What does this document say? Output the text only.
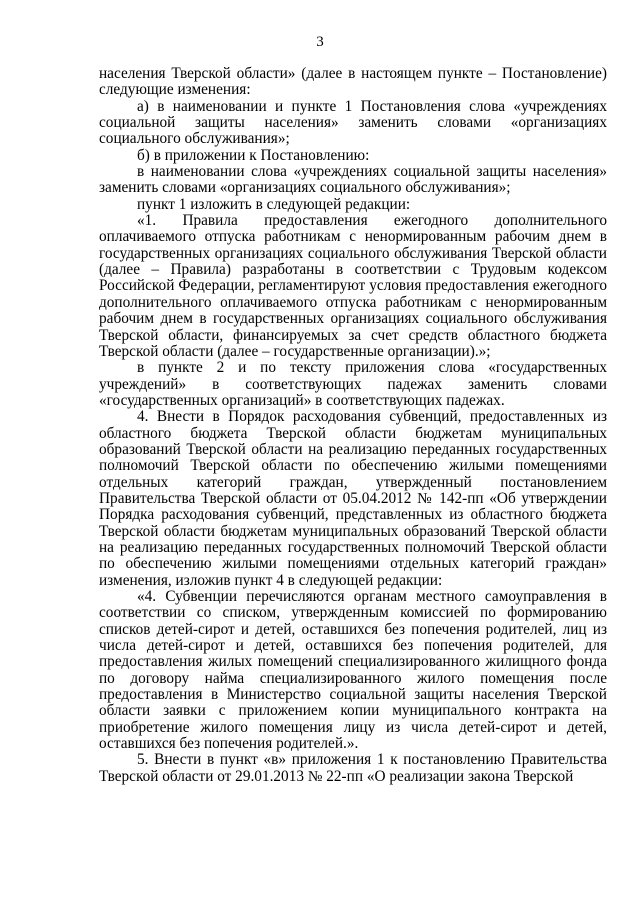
3

населения Тверской области» (далее в настоящем пункте – Постановление) следующие изменения:

а) в наименовании и пункте 1 Постановления слова «учреждениях социальной защиты населения» заменить словами «организациях социального обслуживания»;

б) в приложении к Постановлению:

в наименовании слова «учреждениях социальной защиты населения» заменить словами «организациях социального обслуживания»;

пункт 1 изложить в следующей редакции:

«1. Правила предоставления ежегодного дополнительного оплачиваемого отпуска работникам с ненормированным рабочим днем в государственных организациях социального обслуживания Тверской области (далее – Правила) разработаны в соответствии с Трудовым кодексом Российской Федерации, регламентируют условия предоставления ежегодного дополнительного оплачиваемого отпуска работникам с ненормированным рабочим днем в государственных организациях социального обслуживания Тверской области, финансируемых за счет средств областного бюджета Тверской области (далее – государственные организации).»;

в пункте 2 и по тексту приложения слова «государственных учреждений» в соответствующих падежах заменить словами «государственных организаций» в соответствующих падежах.

4. Внести в Порядок расходования субвенций, предоставленных из областного бюджета Тверской области бюджетам муниципальных образований Тверской области на реализацию переданных государственных полномочий Тверской области по обеспечению жилыми помещениями отдельных категорий граждан, утвержденный постановлением Правительства Тверской области от 05.04.2012 № 142-пп «Об утверждении Порядка расходования субвенций, представленных из областного бюджета Тверской области бюджетам муниципальных образований Тверской области на реализацию переданных государственных полномочий Тверской области по обеспечению жилыми помещениями отдельных категорий граждан» изменения, изложив пункт 4 в следующей редакции:

«4. Субвенции перечисляются органам местного самоуправления в соответствии со списком, утвержденным комиссией по формированию списков детей-сирот и детей, оставшихся без попечения родителей, лиц из числа детей-сирот и детей, оставшихся без попечения родителей, для предоставления жилых помещений специализированного жилищного фонда по договору найма специализированного жилого помещения после предоставления в Министерство социальной защиты населения Тверской области заявки с приложением копии муниципального контракта на приобретение жилого помещения лицу из числа детей-сирот и детей, оставшихся без попечения родителей.».

5. Внести в пункт «в» приложения 1 к постановлению Правительства Тверской области от 29.01.2013 № 22-пп «О реализации закона Тверской
